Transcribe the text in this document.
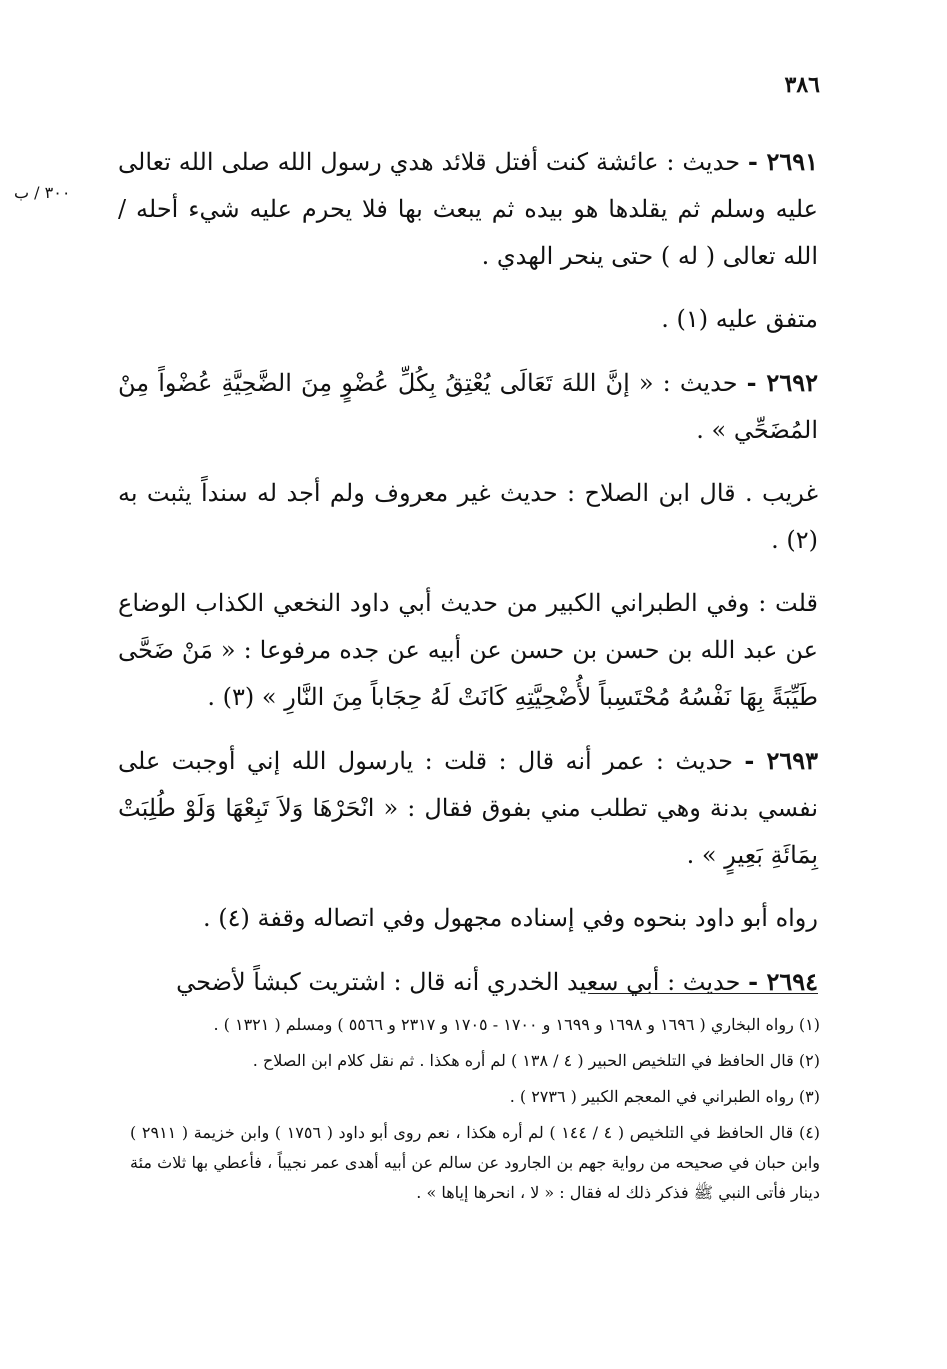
٣٨٦
٣٠٠ / ب

٢٦٩١ - حديث : عائشة كنت أفتل قلائد هدي رسول الله صلى الله تعالى عليه وسلم ثم يقلدها هو بيده ثم يبعث بها فلا يحرم عليه شيء أحله / الله تعالى ( له ) حتى ينحر الهدي .

متفق عليه (١) .

٢٦٩٢ - حديث : « إنَّ اللهَ تَعَالَى يُعْتِقُ بِكُلِّ عُضْوٍ مِنَ الضَّحِيَّةِ عُضْواً مِنْ المُضَحِّي » .

غريب . قال ابن الصلاح : حديث غير معروف ولم أجد له سنداً يثبت به (٢) .

قلت : وفي الطبراني الكبير من حديث أبي داود النخعي الكذاب الوضاع عن عبد الله بن حسن بن حسن عن أبيه عن جده مرفوعا : « مَنْ ضَحَّى طَيِّبَةً بِهَا نَفْسُهُ مُحْتَسِباً لأُضْحِيَّتِهِ كَانَتْ لَهُ حِجَاباً مِنَ النَّارِ » (٣) .

٢٦٩٣ - حديث : عمر أنه قال : قلت : يارسول الله إني أوجبت على نفسي بدنة وهي تطلب مني بفوق فقال : « انْحَرْهَا وَلاَ تَبِعْهَا وَلَوْ طُلِبَتْ بِمَائَةِ بَعِيرٍ » .

رواه أبو داود بنحوه وفي إسناده مجهول وفي اتصاله وقفة (٤) .

٢٦٩٤ - حديث : أبي سعيد الخدري أنه قال : اشتريت كبشاً لأضحي

(١) رواه البخاري ( ١٦٩٦ و ١٦٩٨ و ١٦٩٩ و ١٧٠٠ - ١٧٠٥ و ٢٣١٧ و ٥٥٦٦ ) ومسلم ( ١٣٢١ ) .

(٢) قال الحافظ في التلخيص الحبير ( ٤ / ١٣٨ ) لم أره هكذا . ثم نقل كلام ابن الصلاح .

(٣) رواه الطبراني في المعجم الكبير ( ٢٧٣٦ ) .

(٤) قال الحافظ في التلخيص ( ٤ / ١٤٤ ) لم أره هكذا ، نعم روى أبو داود ( ١٧٥٦ ) وابن خزيمة ( ٢٩١١ ) وابن حبان في صحيحه من رواية جهم بن الجارود عن سالم عن أبيه أهدى عمر نجيباً ، فأعطي بها ثلاث مئة دينار فأتى النبي ﷺ فذكر ذلك له فقال : « لا ، انحرها إياها » .
